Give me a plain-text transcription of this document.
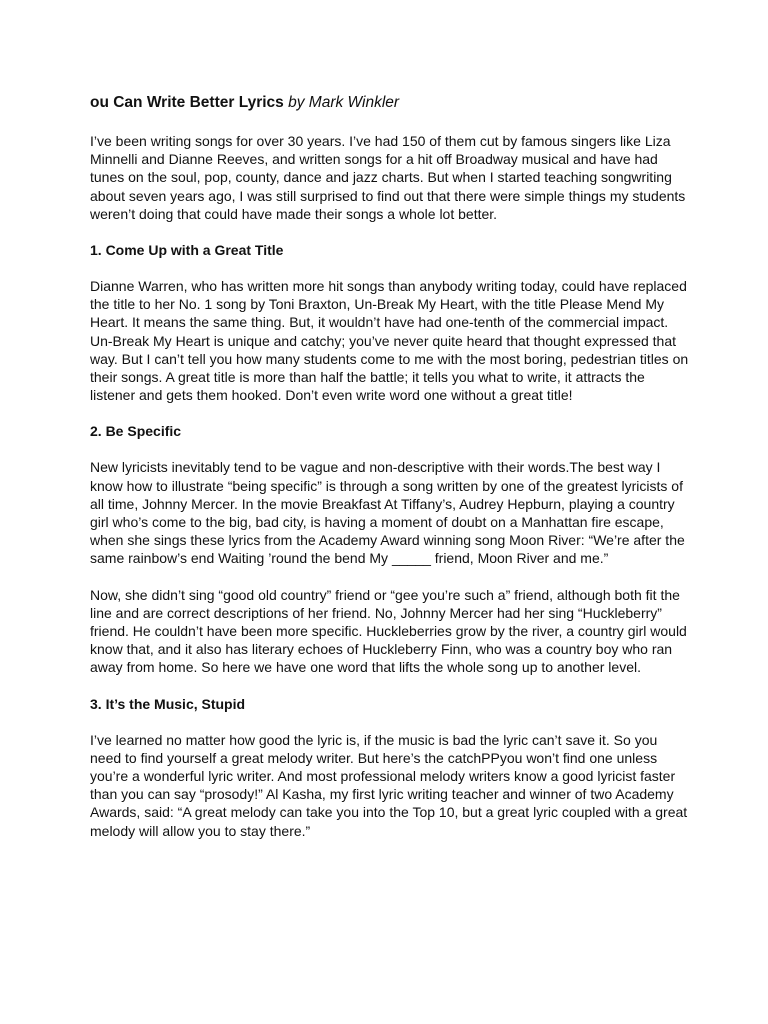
ou Can Write Better Lyrics by Mark Winkler

I’ve been writing songs for over 30 years. I’ve had 150 of them cut by famous singers like Liza Minnelli and Dianne Reeves, and written songs for a hit off Broadway musical and have had tunes on the soul, pop, county, dance and jazz charts. But when I started teaching songwriting about seven years ago, I was still surprised to find out that there were simple things my students weren’t doing that could have made their songs a whole lot better.

1. Come Up with a Great Title

Dianne Warren, who has written more hit songs than anybody writing today, could have replaced the title to her No. 1 song by Toni Braxton, Un-Break My Heart, with the title Please Mend My Heart. It means the same thing. But, it wouldn’t have had one-tenth of the commercial impact. Un-Break My Heart is unique and catchy; you’ve never quite heard that thought expressed that way. But I can’t tell you how many students come to me with the most boring, pedestrian titles on their songs. A great title is more than half the battle; it tells you what to write, it attracts the listener and gets them hooked. Don’t even write word one without a great title!

2. Be Specific

New lyricists inevitably tend to be vague and non-descriptive with their words.The best way I know how to illustrate “being specific” is through a song written by one of the greatest lyricists of all time, Johnny Mercer. In the movie Breakfast At Tiffany’s, Audrey Hepburn, playing a country girl who’s come to the big, bad city, is having a moment of doubt on a Manhattan fire escape, when she sings these lyrics from the Academy Award winning song Moon River: “We’re after the same rainbow’s end Waiting ’round the bend My _____ friend, Moon River and me.”

Now, she didn’t sing “good old country” friend or “gee you’re such a” friend, although both fit the line and are correct descriptions of her friend. No, Johnny Mercer had her sing “Huckleberry” friend. He couldn’t have been more specific. Huckleberries grow by the river, a country girl would know that, and it also has literary echoes of Huckleberry Finn, who was a country boy who ran away from home. So here we have one word that lifts the whole song up to another level.

3. It’s the Music, Stupid

I’ve learned no matter how good the lyric is, if the music is bad the lyric can’t save it. So you need to find yourself a great melody writer. But here’s the catchPPyou won’t find one unless you’re a wonderful lyric writer. And most professional melody writers know a good lyricist faster than you can say “prosody!” Al Kasha, my first lyric writing teacher and winner of two Academy Awards, said: “A great melody can take you into the Top 10, but a great lyric coupled with a great melody will allow you to stay there.”
